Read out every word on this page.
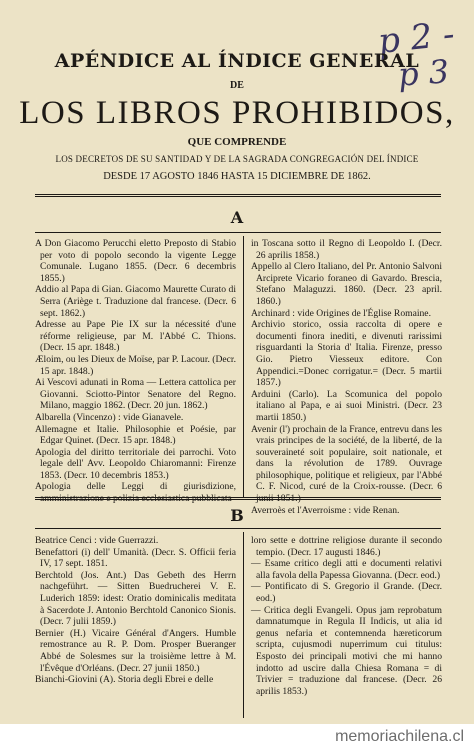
p 2 -
p 3
APÉNDICE AL ÍNDICE GENERAL
DE
LOS LIBROS PROHIBIDOS,
QUE COMPRENDE
LOS DECRETOS DE SU SANTIDAD Y DE LA SAGRADA CONGREGACIÓN DEL ÍNDICE
DESDE 17 AGOSTO 1846 HASTA 15 DICIEMBRE DE 1862.
A
A Don Giacomo Perucchi eletto Preposto di Stabio per voto di popolo secondo la vigente Legge Comunale. Lugano 1855. (Decr. 6 decembris 1855.)
Addio al Papa di Gian. Giacomo Maurette Curato di Serra (Ariège t. Traduzione dal francese. (Decr. 6 sept. 1862.)
Adresse au Pape Pie IX sur la nécessité d'une réforme religieuse, par M. l'Abbé C. Thions. (Decr. 15 apr. 1848.)
Æloim, ou les Dieux de Moïse, par P. Lacour. (Decr. 15 apr. 1848.)
Ai Vescovi adunati in Roma — Lettera cattolica per Giovanni. Sciotto-Pintor Senatore del Regno. Milano, maggio 1862. (Decr. 20 jun. 1862.)
Albarella (Vincenzo) : vide Gianavele.
Allemagne et Italie. Philosophie et Poésie, par Edgar Quinet. (Decr. 15 apr. 1848.)
Apologia del diritto territoriale dei parrochi. Voto legale dell' Avv. Leopoldo Chiaromanni: Firenze 1853. (Decr. 10 decembris 1853.)
Apologia delle Leggi di giurisdizione, amministrazione e polizia ecclesiastica pubblicata
in Toscana sotto il Regno di Leopoldo I. (Decr. 26 aprilis 1858.)
Appello al Clero Italiano, del Pr. Antonio Salvoni Arciprete Vicario foraneo di Gavardo. Brescia, Stefano Malaguzzi. 1860. (Decr. 23 april. 1860.)
Archinard : vide Origines de l'Église Romaine.
Archivio storico, ossia raccolta di opere e documenti finora inediti, e divenuti rarissimi risguardanti la Storia d' Italia. Firenze, presso Gio. Pietro Viesseux editore. Con Appendici.=Donec corrigatur.= (Decr. 5 martii 1857.)
Arduini (Carlo). La Scomunica del popolo italiano al Papa, e ai suoi Ministri. (Decr. 23 martii 1850.)
Avenir (l') prochain de la France, entrevu dans les vrais principes de la société, de la liberté, de la souveraineté soit populaire, soit nationale, et dans la révolution de 1789. Ouvrage philosophique, politique et religieux, par l'Abbé C. F. Nicod, curé de la Croix-rousse. (Decr. 6 junii 1851.)
Averroès et l'Averroisme : vide Renan.
B
Beatrice Cenci : vide Guerrazzi.
Benefattori (i) dell' Umanità. (Decr. S. Officii feria IV, 17 sept. 1851.
Berchtold (Jos. Ant.) Das Gebeth des Herrn nachgeführt. — Sitten Buedrucherei V. E. Luderich 1859: idest: Oratio dominicalis meditata à Sacerdote J. Antonio Berchtold Canonico Sionis. (Decr. 7 julii 1859.)
Bernier (H.) Vicaire Général d'Angers. Humble remostrance au R. P. Dom. Prosper Bueranger Abbé de Solesmes sur la troisième lettre à M. l'Évêque d'Orléans. (Decr. 27 junii 1850.)
Bianchi-Giovini (A). Storia degli Ebrei e delle
loro sette e dottrine religiose durante il secondo tempio. (Decr. 17 augusti 1846.)
— Esame critico degli atti e documenti relativi alla favola della Papessa Giovanna. (Decr. eod.)
— Pontificato di S. Gregorio il Grande. (Decr. eod.)
— Critica degli Evangeli. Opus jam reprobatum damnatumque in Regula II Indicis, ut alia id genus nefaria et contemnenda hæreticorum scripta, cujusmodi nuperrimum cui titulus: Esposto dei principali motivi che mi hanno indotto ad uscire dalla Chiesa Romana = di Trivier = traduzione dal francese. (Decr. 26 aprilis 1853.)
memoriachilena.cl
